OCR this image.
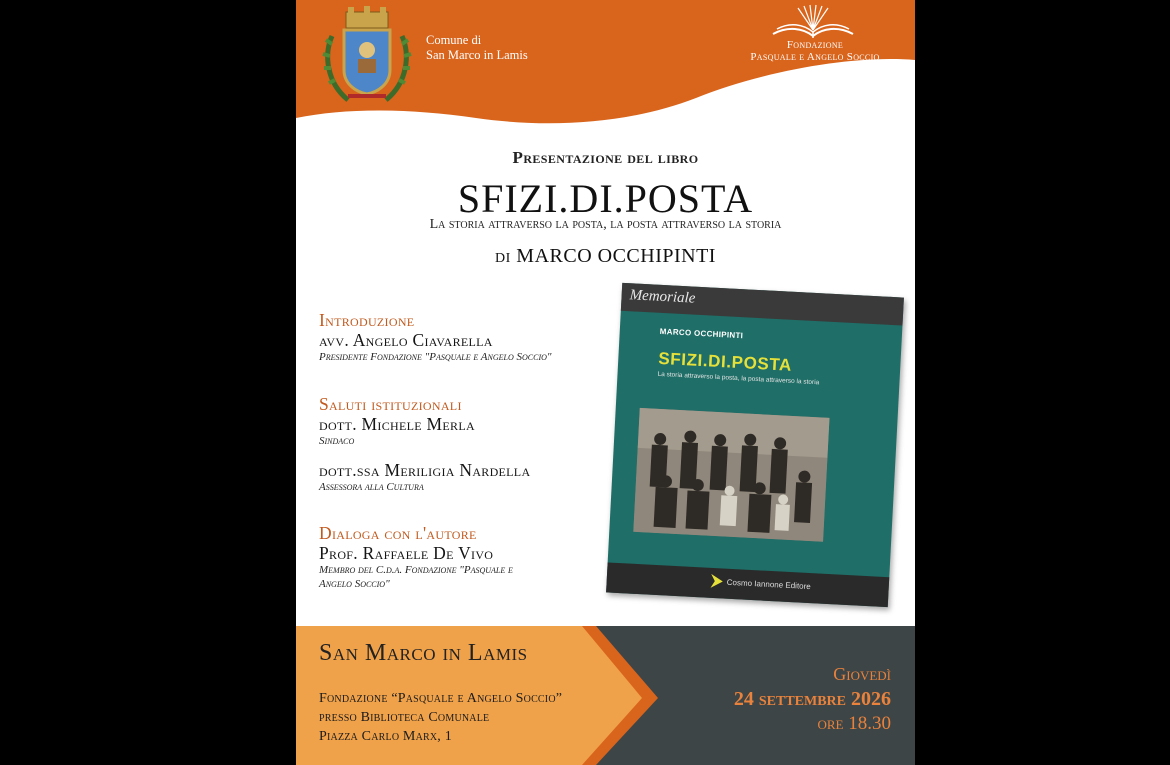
Comune di
San Marco in Lamis
Fondazione
Pasquale e Angelo Soccio
Presentazione del libro
SFIZI.DI.POSTA
La storia attraverso la posta, la posta attraverso la storia
di MARCO OCCHIPINTI
Introduzione
avv. Angelo Ciavarella
Presidente Fondazione "Pasquale e Angelo Soccio"
Saluti istituzionali
dott. Michele Merla
Sindaco
dott.ssa Meriligia Nardella
Assessora alla Cultura
Dialoga con l'autore
Prof. Raffaele De Vivo
Membro del C.d.a. Fondazione "Pasquale e
Angelo Soccio"
Memoriale
MARCO OCCHIPINTI
SFIZI.DI.POSTA
La storia attraverso la posta, la posta attraverso la storia
Cosmo Iannone Editore
San Marco in Lamis
Fondazione “Pasquale e Angelo Soccio”
presso Biblioteca Comunale
Piazza Carlo Marx, 1
Giovedì
24 settembre 2026
ore 18.30
